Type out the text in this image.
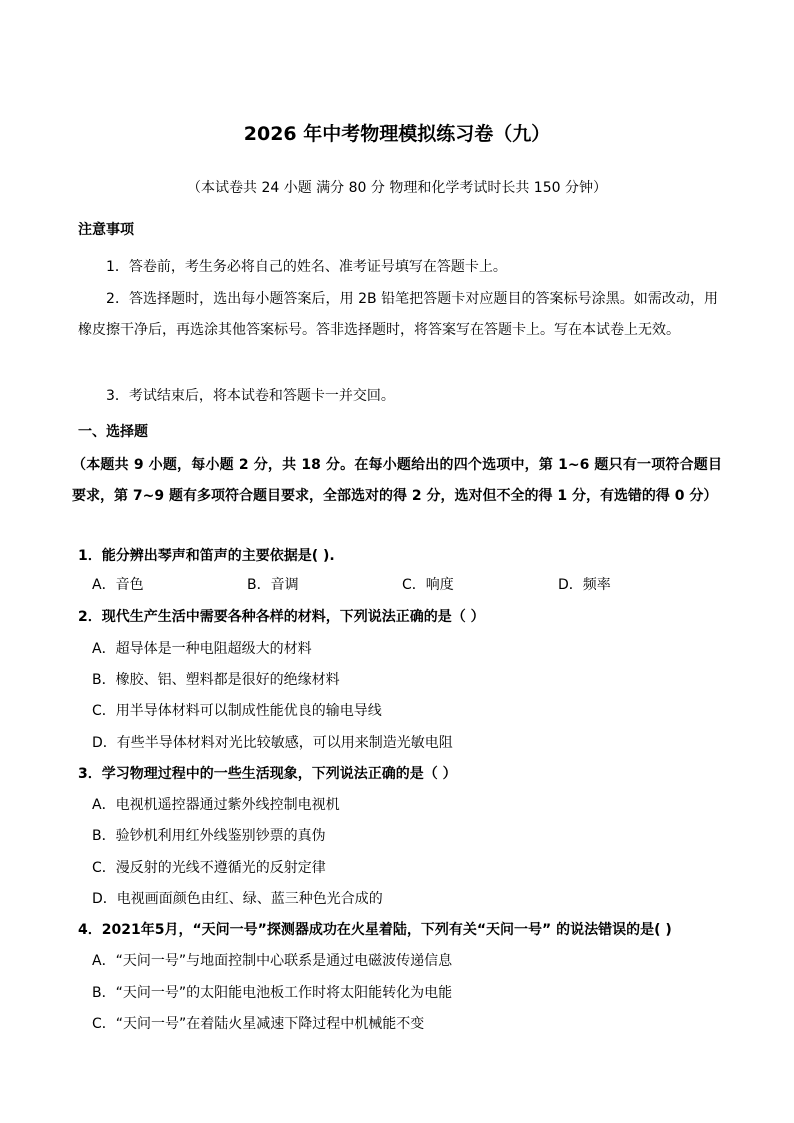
2026 年中考物理模拟练习卷（九）
（本试卷共 24 小题 满分 80 分 物理和化学考试时长共 150 分钟）
注意事项
1．答卷前，考生务必将自己的姓名、准考证号填写在答题卡上。
2．答选择题时，选出每小题答案后，用 2B 铅笔把答题卡对应题目的答案标号涂黑。如需改动，用橡皮擦干净后，再选涂其他答案标号。答非选择题时，将答案写在答题卡上。写在本试卷上无效。
3．考试结束后，将本试卷和答题卡一并交回。
一、选择题
（本题共 9 小题，每小题 2 分，共 18 分。在每小题给出的四个选项中，第 1~6 题只有一项符合题目要求，第 7~9 题有多项符合题目要求，全部选对的得 2 分，选对但不全的得 1 分，有选错的得 0 分）
1．能分辨出琴声和笛声的主要依据是( ).
A．音色	B．音调	C．响度	D．频率
2．现代生产生活中需要各种各样的材料，下列说法正确的是（ ）
A．超导体是一种电阻超级大的材料
B．橡胶、铝、塑料都是很好的绝缘材料
C．用半导体材料可以制成性能优良的输电导线
D．有些半导体材料对光比较敏感，可以用来制造光敏电阻
3．学习物理过程中的一些生活现象，下列说法正确的是（ ）
A．电视机遥控器通过紫外线控制电视机
B．验钞机利用红外线鉴别钞票的真伪
C．漫反射的光线不遵循光的反射定律
D．电视画面颜色由红、绿、蓝三种色光合成的
4．2021年5月，“天问一号”探测器成功在火星着陆，下列有关“天问一号” 的说法错误的是( )
A．“天问一号”与地面控制中心联系是通过电磁波传递信息
B．“天问一号”的太阳能电池板工作时将太阳能转化为电能
C．“天问一号”在着陆火星减速下降过程中机械能不变
